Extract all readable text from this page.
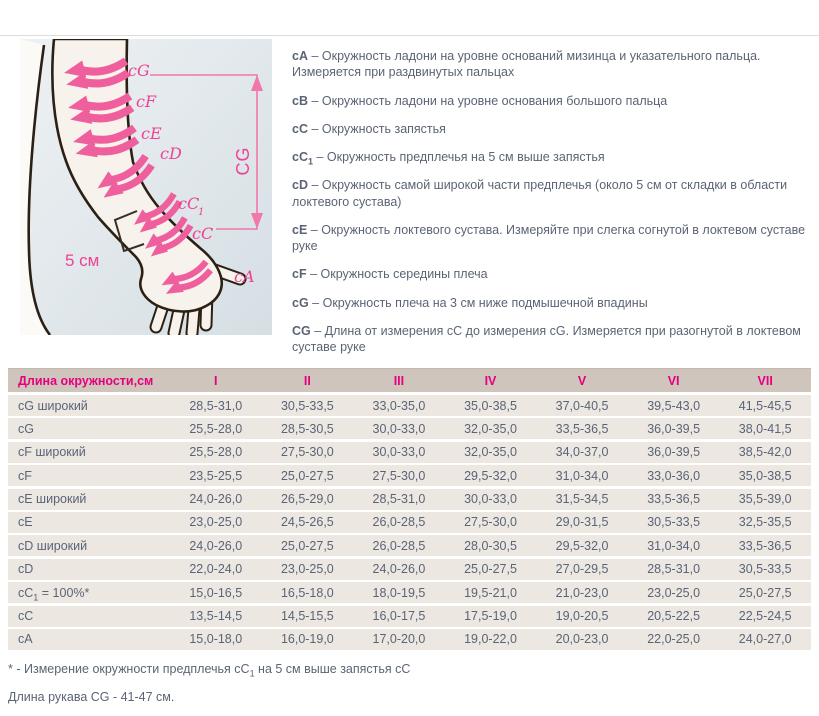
cG
cF
cE
cD
cC
1
cC
cA
5 см
CG

cA – Окружность ладони на уровне оснований мизинца и указательного пальца. Измеряется при раздвинутых пальцах

cB – Окружность ладони на уровне основания большого пальца

cC – Окружность запястья

$cC_1$ – Окружность предплечья на 5 см выше запястья

cD – Окружность самой широкой части предплечья (около 5 см от складки в области локтевого сустава)

cE – Окружность локтевого сустава. Измеряйте при слегка согнутой в локтевом суставе руке

cF – Окружность середины плеча

cG – Окружность плеча на 3 см ниже подмышечной впадины

CG – Длина от измерения cC до измерения cG. Измеряется при разогнутой в локтевом суставе руке

Длина окружности,см	I	II	III	IV	V	VI	VII
cG широкий	28,5-31,0	30,5-33,5	33,0-35,0	35,0-38,5	37,0-40,5	39,5-43,0	41,5-45,5
cG	25,5-28,0	28,5-30,5	30,0-33,0	32,0-35,0	33,5-36,5	36,0-39,5	38,0-41,5
cF широкий	25,5-28,0	27,5-30,0	30,0-33,0	32,0-35,0	34,0-37,0	36,0-39,5	38,5-42,0
cF	23,5-25,5	25,0-27,5	27,5-30,0	29,5-32,0	31,0-34,0	33,0-36,0	35,0-38,5
cE широкий	24,0-26,0	26,5-29,0	28,5-31,0	30,0-33,0	31,5-34,5	33,5-36,5	35,5-39,0
cE	23,0-25,0	24,5-26,5	26,0-28,5	27,5-30,0	29,0-31,5	30,5-33,5	32,5-35,5
cD широкий	24,0-26,0	25,0-27,5	26,0-28,5	28,0-30,5	29,5-32,0	31,0-34,0	33,5-36,5
cD	22,0-24,0	23,0-25,0	24,0-26,0	25,0-27,5	27,0-29,5	28,5-31,0	30,5-33,5
$cC_1 = 100\%*$	15,0-16,5	16,5-18,0	18,0-19,5	19,5-21,0	21,0-23,0	23,0-25,0	25,0-27,5
cC	13,5-14,5	14,5-15,5	16,0-17,5	17,5-19,0	19,0-20,5	20,5-22,5	22,5-24,5
cA	15,0-18,0	16,0-19,0	17,0-20,0	19,0-22,0	20,0-23,0	22,0-25,0	24,0-27,0

* - Измерение окружности предплечья $cC_1$ на 5 см выше запястья cC

Длина рукава CG - 41-47 см.
